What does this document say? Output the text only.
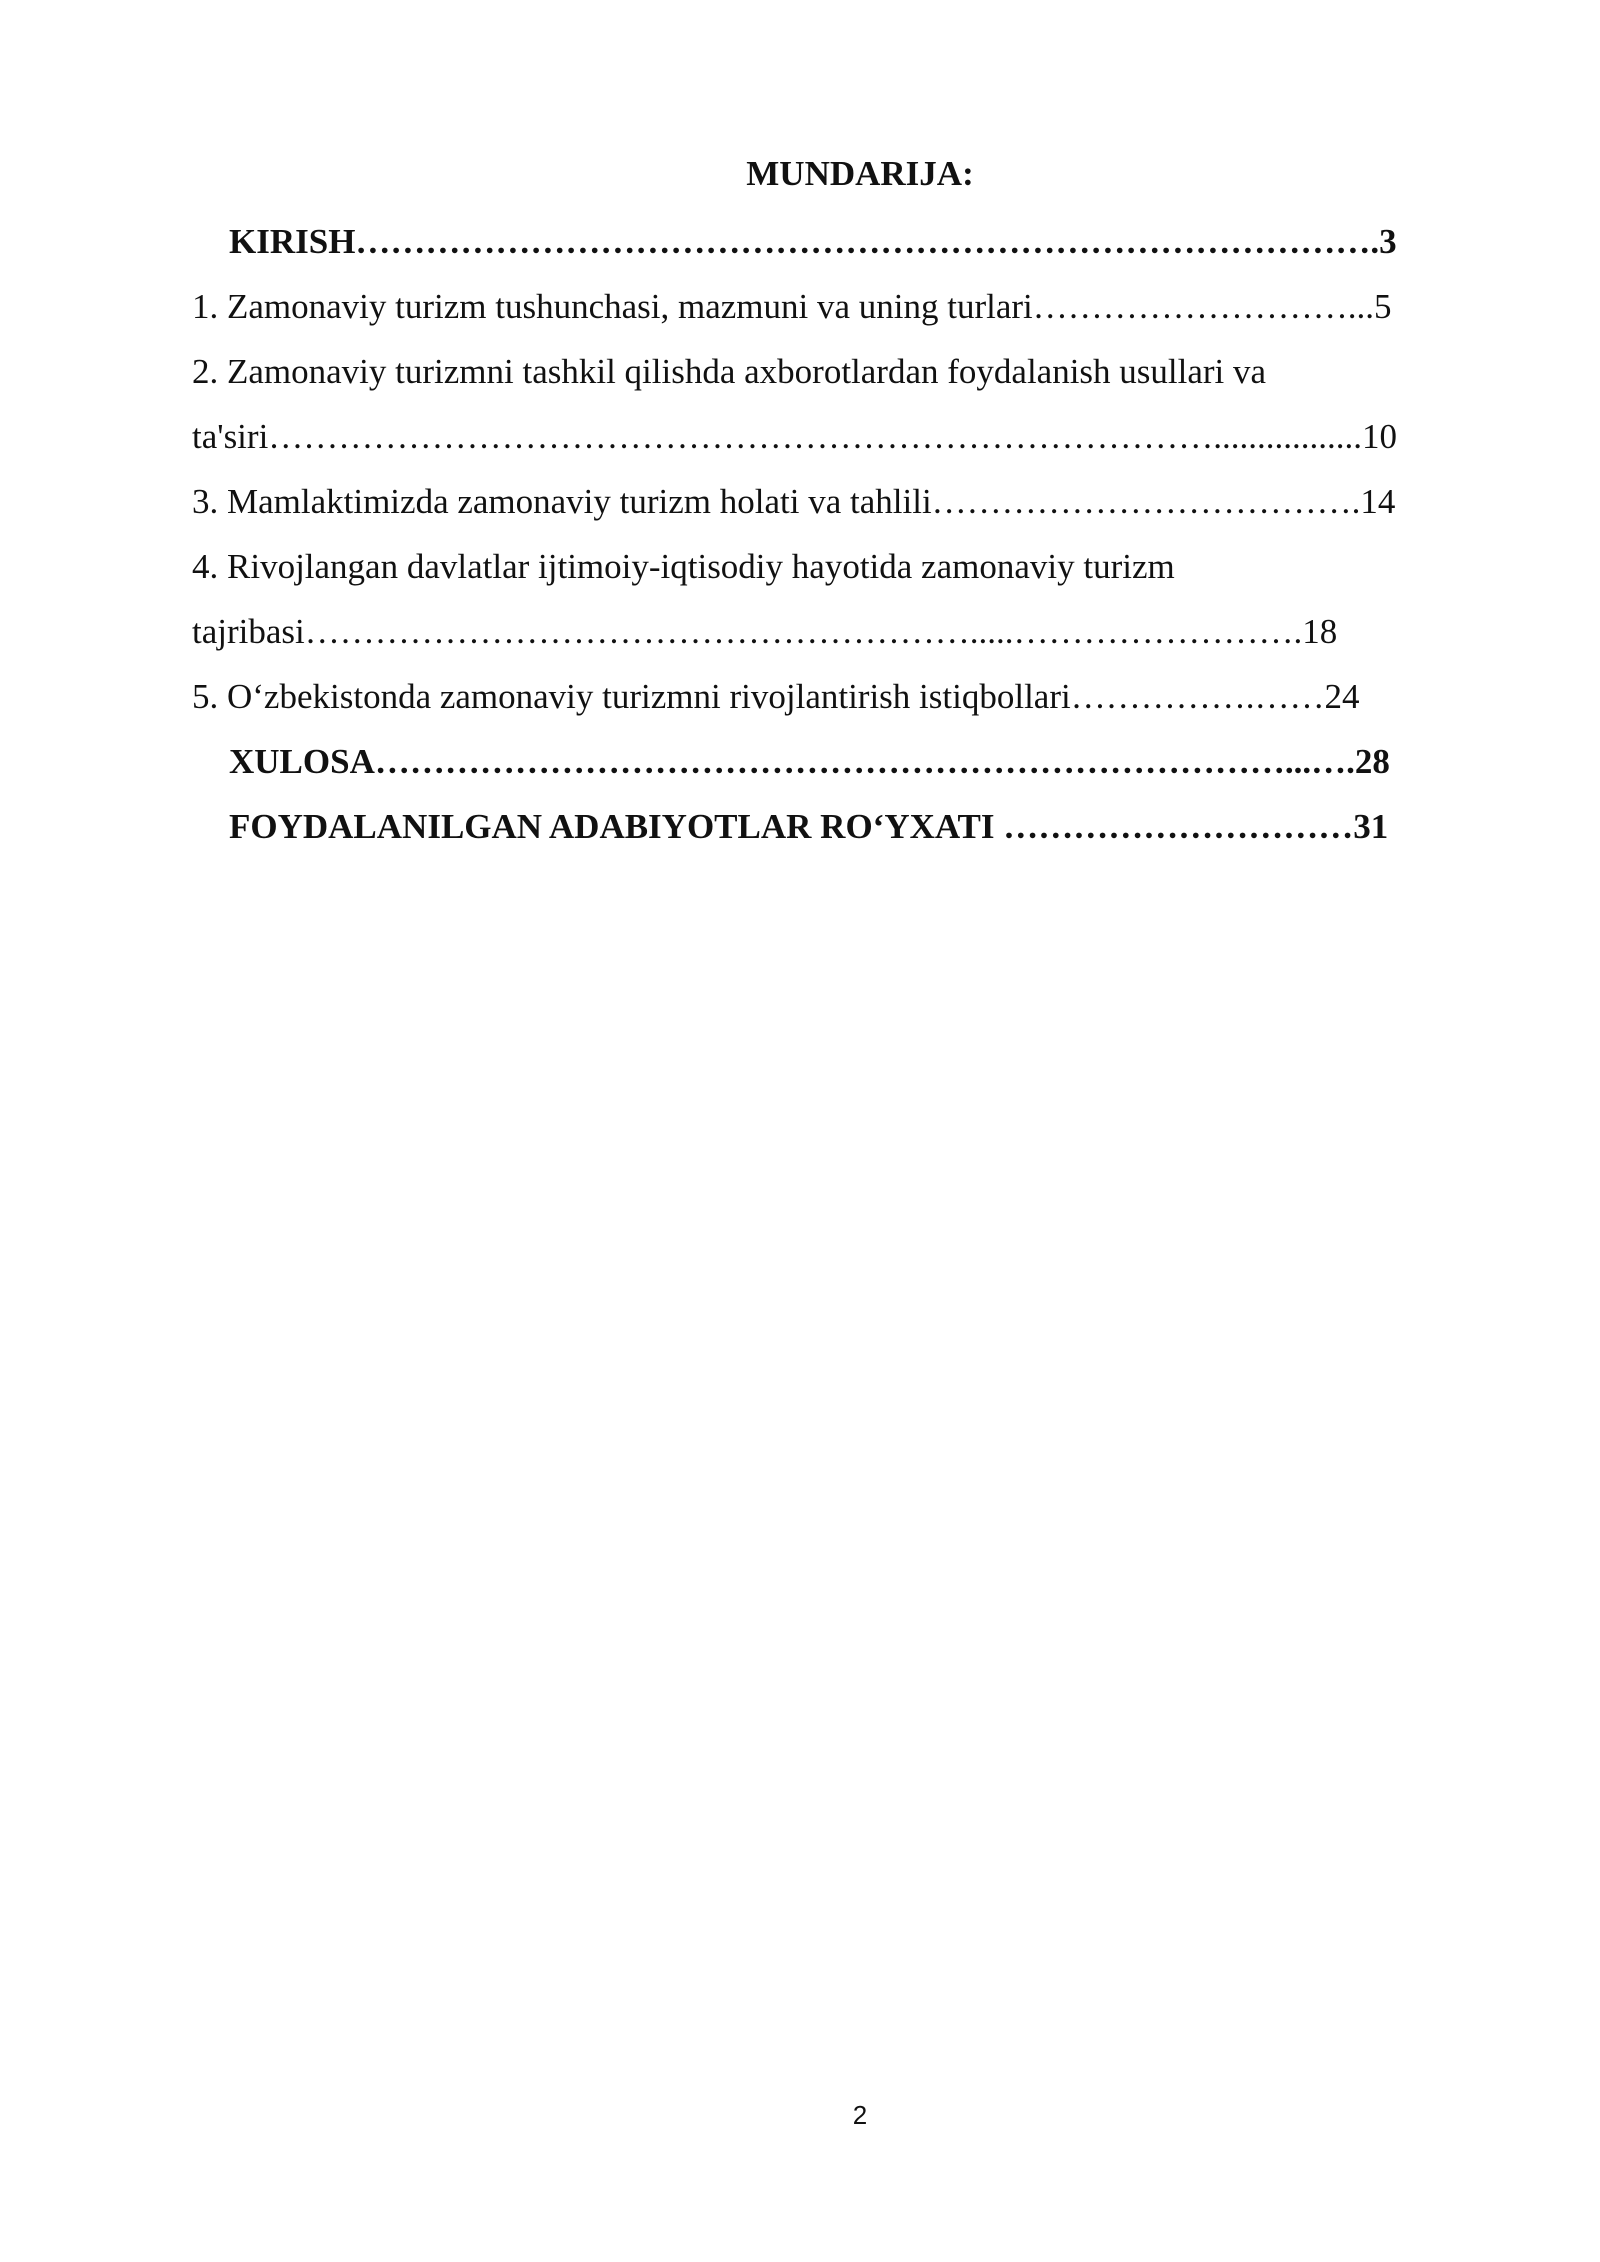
MUNDARIJA:
KIRISH…………………………………………………………………………….3
1. Zamonaviy turizm tushunchasi, mazmuni va uning turlari………………………...5
2. Zamonaviy turizmni tashkil qilishda axborotlardan foydalanish usullari va
ta'siri……………………………………………………………………….................10
3. Mamlaktimizda zamonaviy turizm holati va tahlili……………………………….14
4. Rivojlangan davlatlar ijtimoiy-iqtisodiy hayotida zamonaviy turizm
tajribasi………………………………………………….....…………………….18
5. O‘zbekistonda zamonaviy turizmni rivojlantirish istiqbollari…………….……24
XULOSA……………………………………………………………………...….28
FOYDALANILGAN ADABIYOTLAR RO‘YXATI …………………………31
2
